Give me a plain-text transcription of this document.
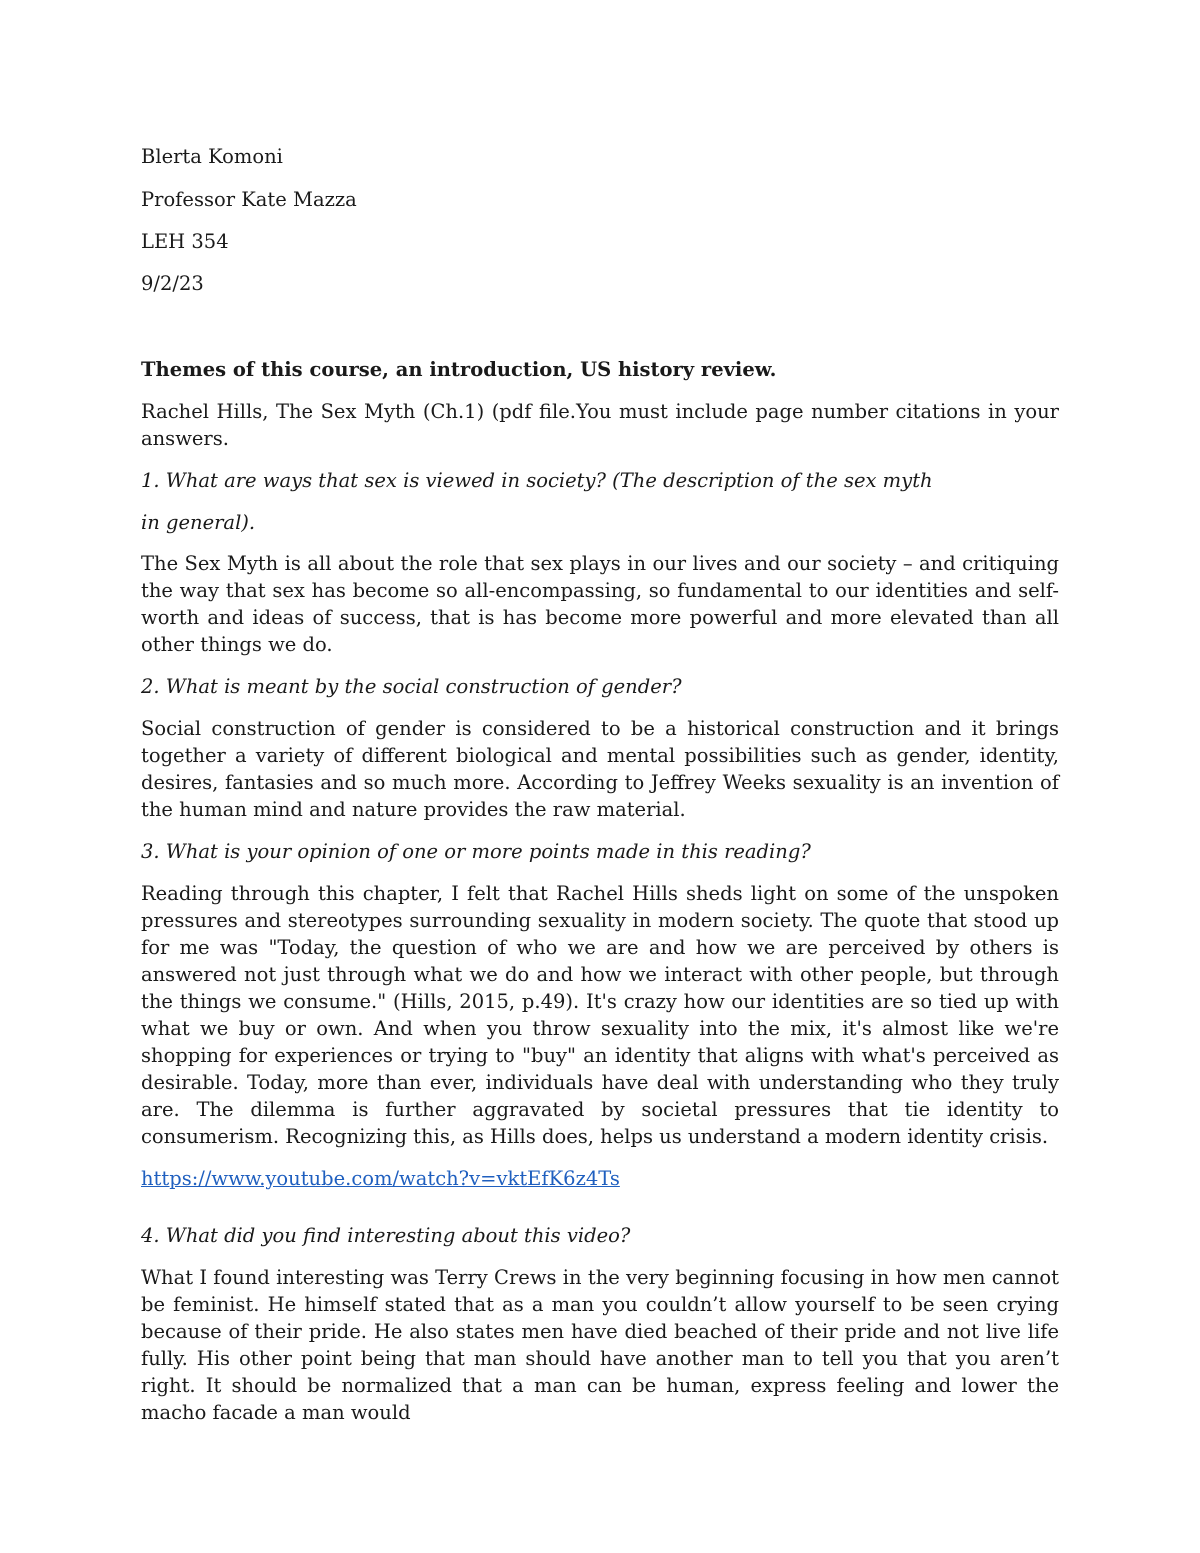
Blerta Komoni
Professor Kate Mazza
LEH 354
9/2/23
Themes of this course, an introduction, US history review.
Rachel Hills, The Sex Myth (Ch.1) (pdf file.You must include page number citations in your answers.
1. What are ways that sex is viewed in society? (The description of the sex myth
in general).
The Sex Myth is all about the role that sex plays in our lives and our society – and critiquing the way that sex has become so all-encompassing, so fundamental to our identities and self-worth and ideas of success, that is has become more powerful and more elevated than all other things we do.
2. What is meant by the social construction of gender?
Social construction of gender is considered to be a historical construction and it brings together a variety of different biological and mental possibilities such as gender, identity, desires, fantasies and so much more. According to Jeffrey Weeks sexuality is an invention of the human mind and nature provides the raw material.
3. What is your opinion of one or more points made in this reading?
Reading through this chapter, I felt that Rachel Hills sheds light on some of the unspoken pressures and stereotypes surrounding sexuality in modern society. The quote that stood up for me was "Today, the question of who we are and how we are perceived by others is answered not just through what we do and how we interact with other people, but through the things we consume." (Hills, 2015, p.49). It's crazy how our identities are so tied up with what we buy or own. And when you throw sexuality into the mix, it's almost like we're shopping for experiences or trying to "buy" an identity that aligns with what's perceived as desirable. Today, more than ever, individuals have deal with understanding who they truly are. The dilemma is further aggravated by societal pressures that tie identity to consumerism. Recognizing this, as Hills does, helps us understand a modern identity crisis.
https://www.youtube.com/watch?v=vktEfK6z4Ts
4. What did you find interesting about this video?
What I found interesting was Terry Crews in the very beginning focusing in how men cannot be feminist. He himself stated that as a man you couldn’t allow yourself to be seen crying because of their pride. He also states men have died beached of their pride and not live life fully. His other point being that man should have another man to tell you that you aren’t right. It should be normalized that a man can be human, express feeling and lower the macho facade a man would
